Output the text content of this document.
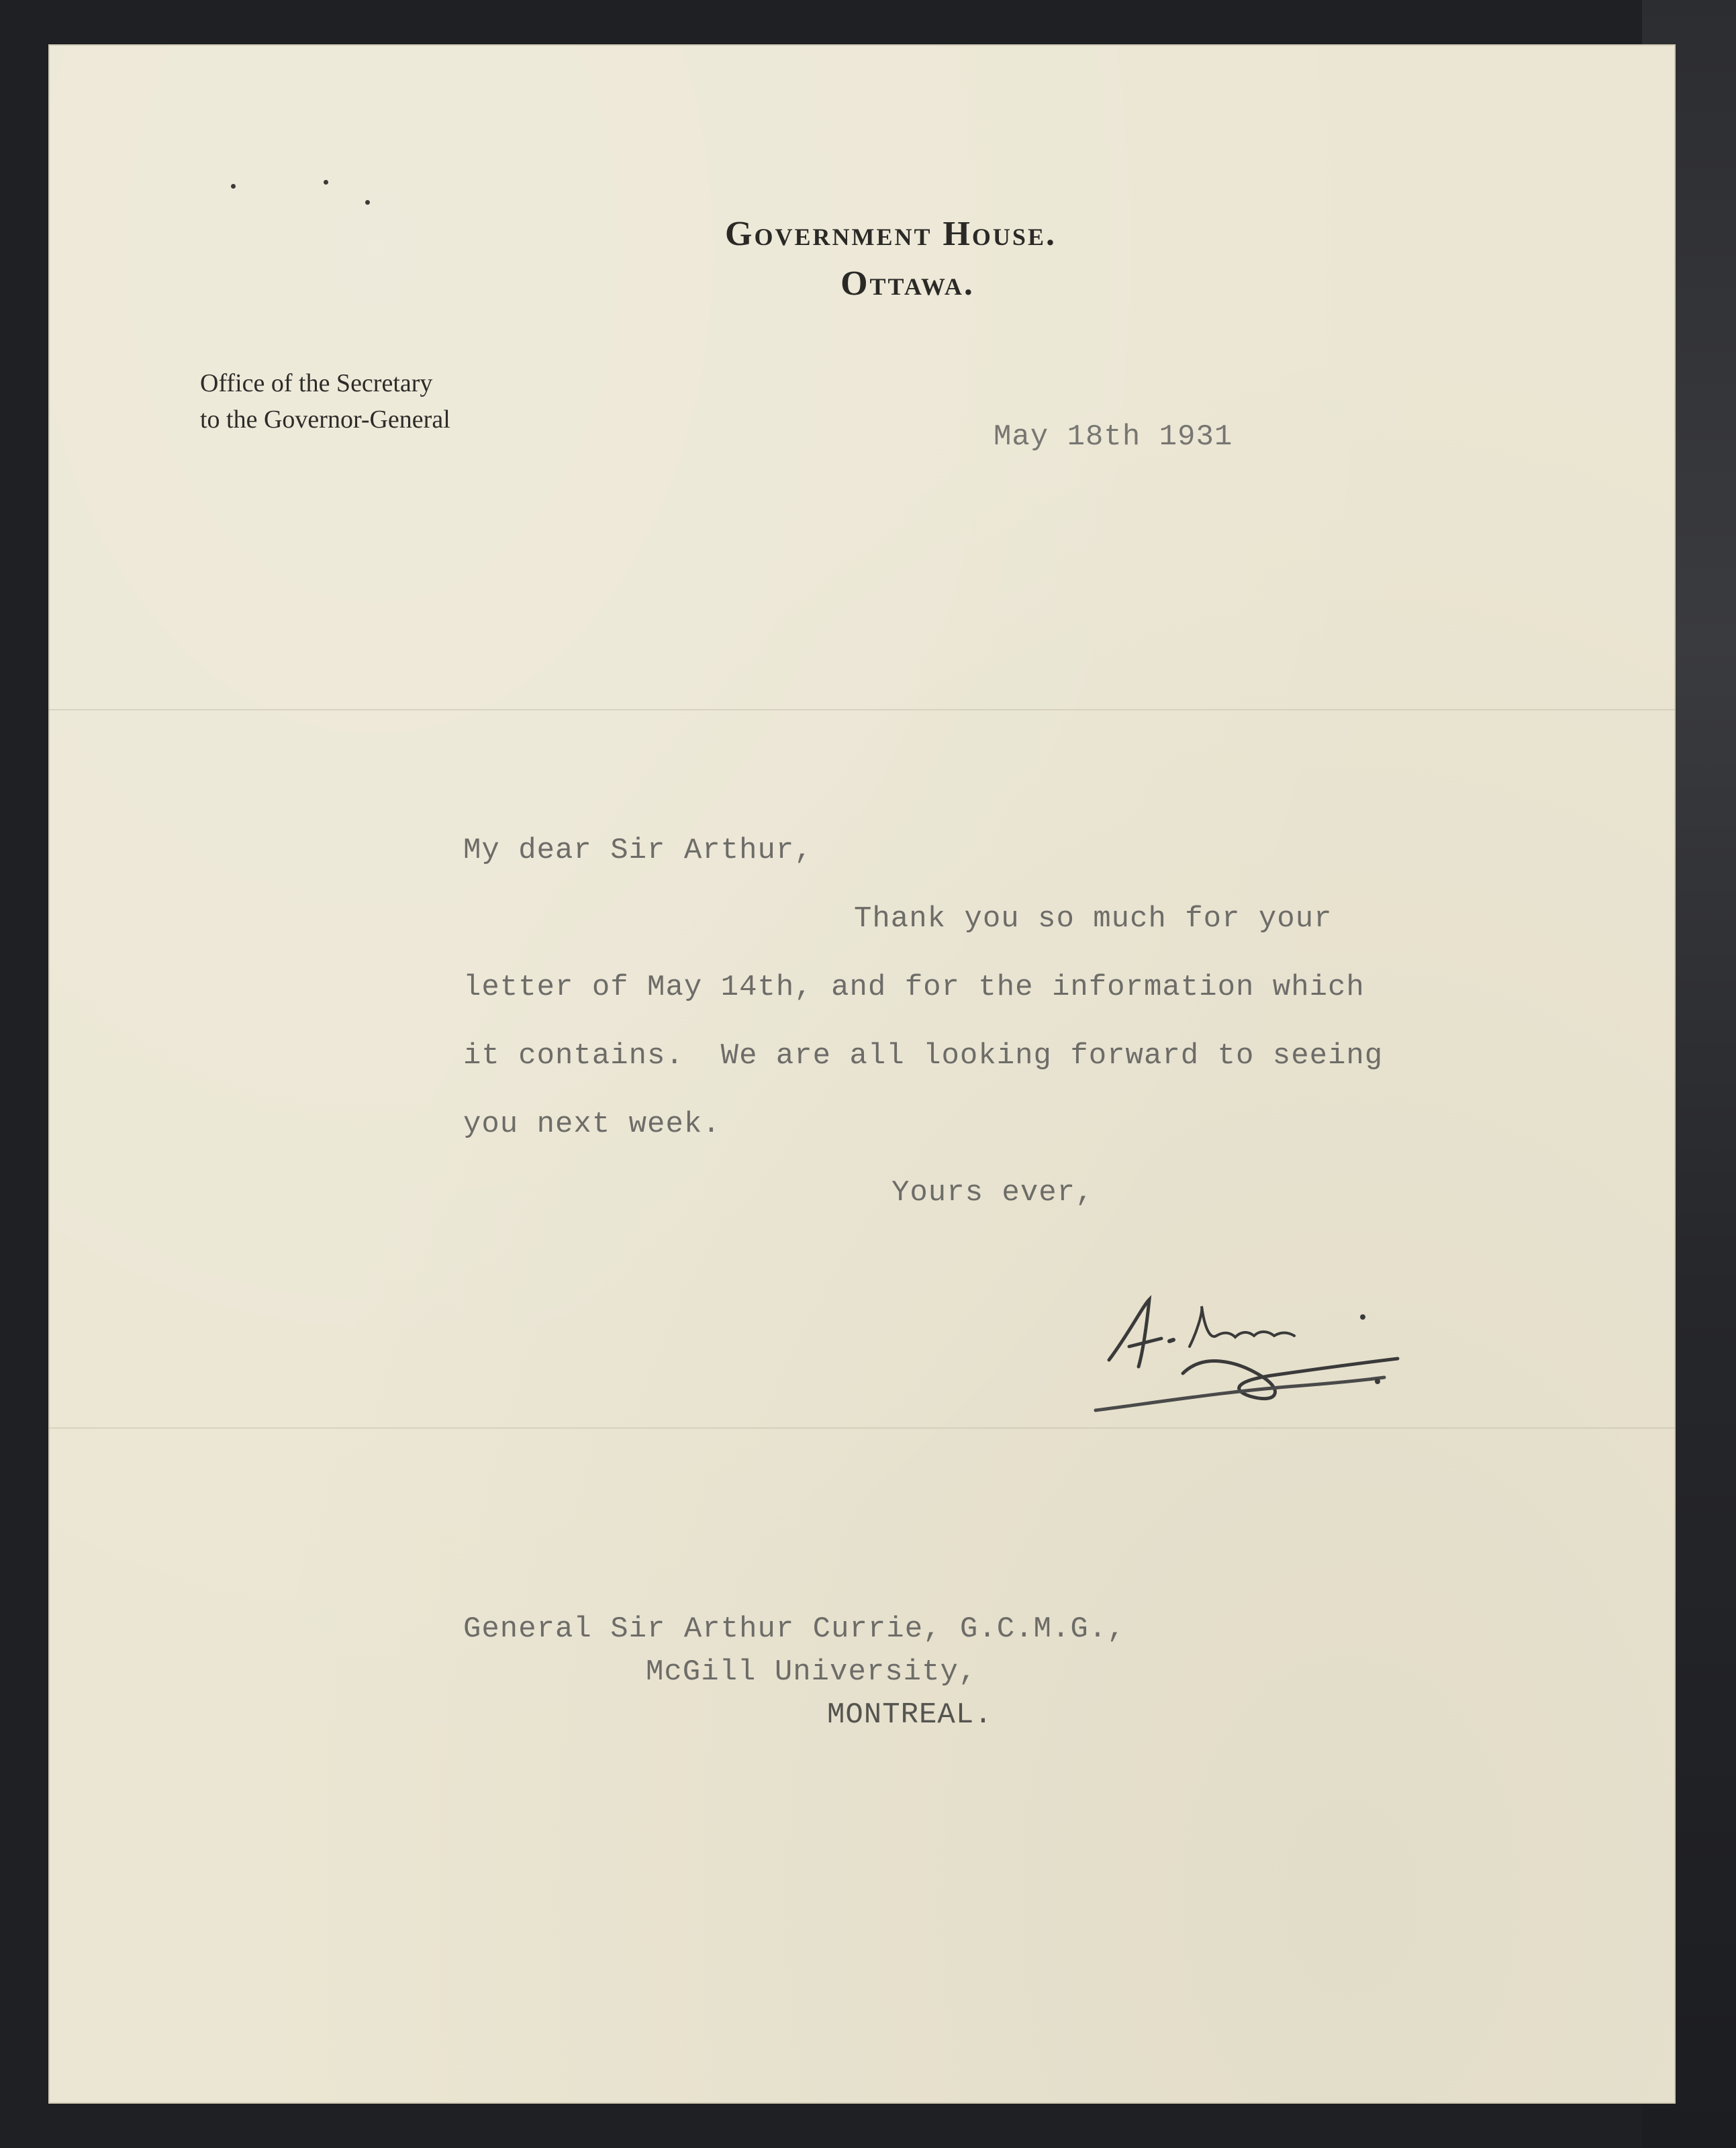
Government House.
Ottawa.
Office of the Secretary
to the Governor-General
May 18th 1931
My dear Sir Arthur,
Thank you so much for your
letter of May 14th, and for the information which
it contains.  We are all looking forward to seeing
you next week.
Yours ever,
General Sir Arthur Currie, G.C.M.G.,
McGill University,
MONTREAL.
